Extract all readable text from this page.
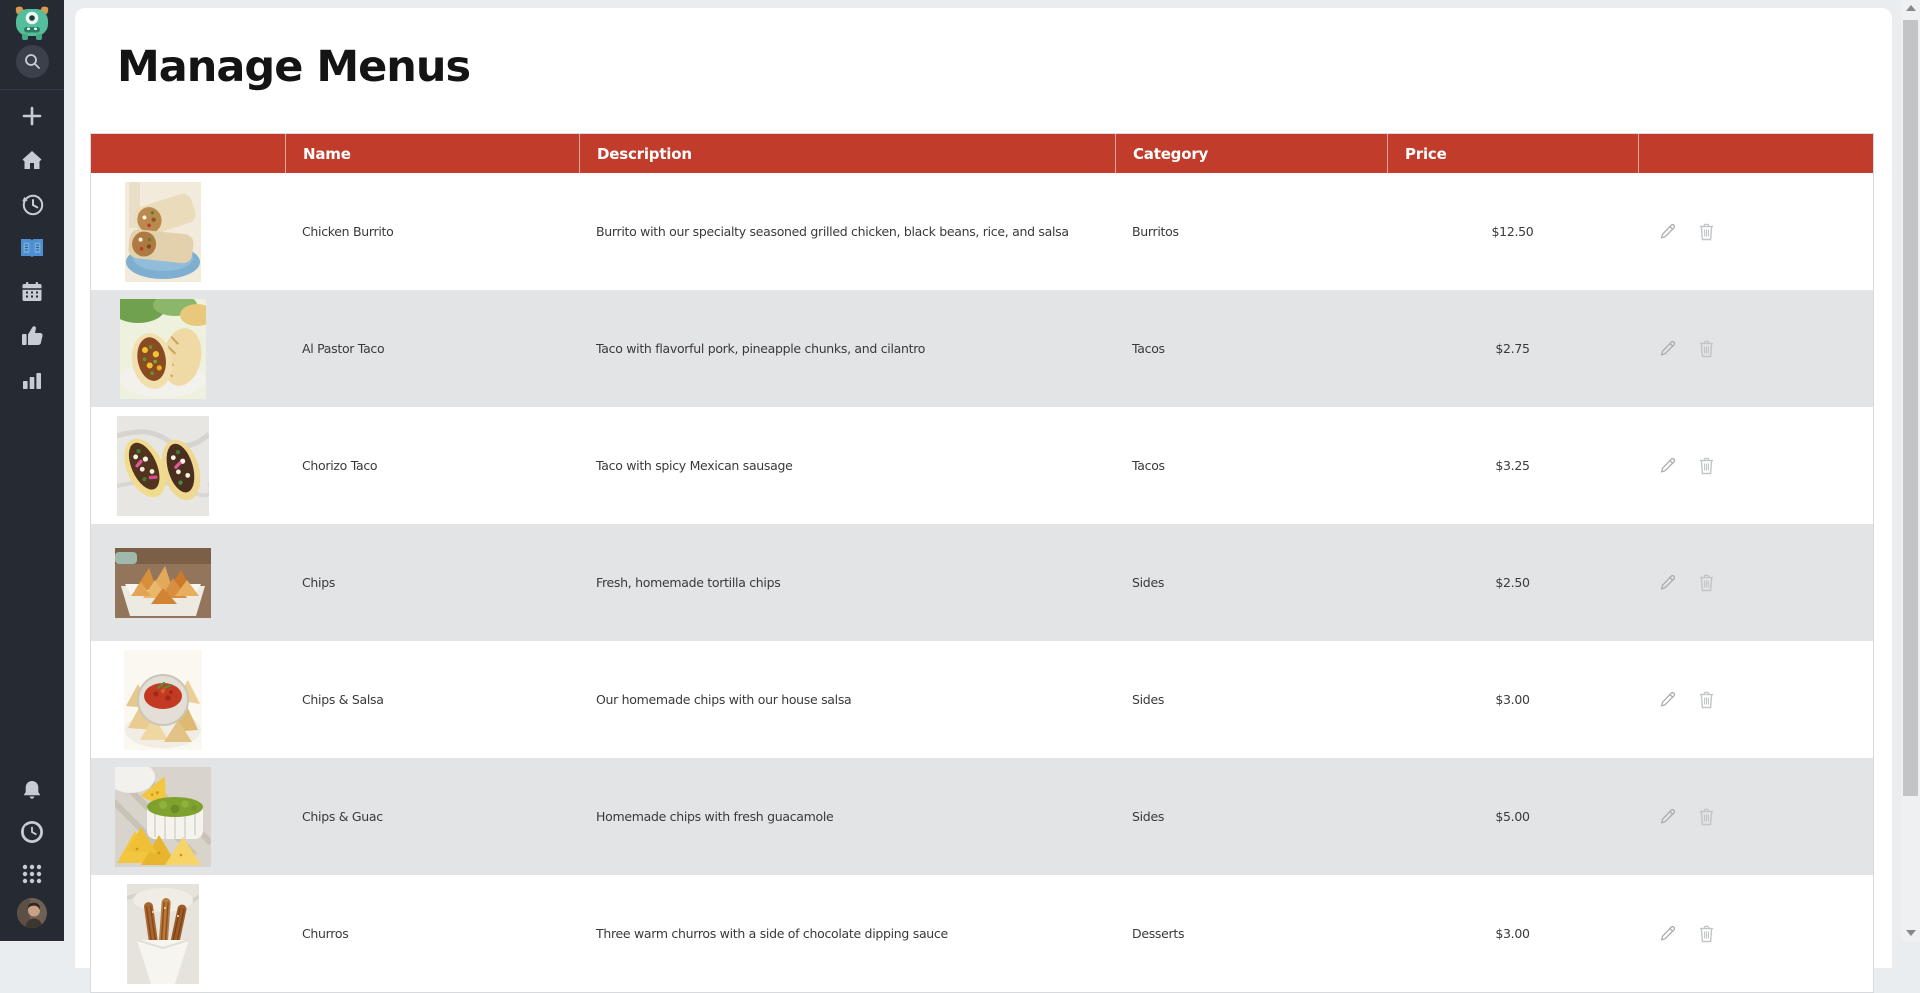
Manage Menus
Name	Description	Category	Price
Chicken Burrito	Burrito with our specialty seasoned grilled chicken, black beans, rice, and salsa	Burritos	$12.50
Al Pastor Taco	Taco with flavorful pork, pineapple chunks, and cilantro	Tacos	$2.75
Chorizo Taco	Taco with spicy Mexican sausage	Tacos	$3.25
Chips	Fresh, homemade tortilla chips	Sides	$2.50
Chips & Salsa	Our homemade chips with our house salsa	Sides	$3.00
Chips & Guac	Homemade chips with fresh guacamole	Sides	$5.00
Churros	Three warm churros with a side of chocolate dipping sauce	Desserts	$3.00
